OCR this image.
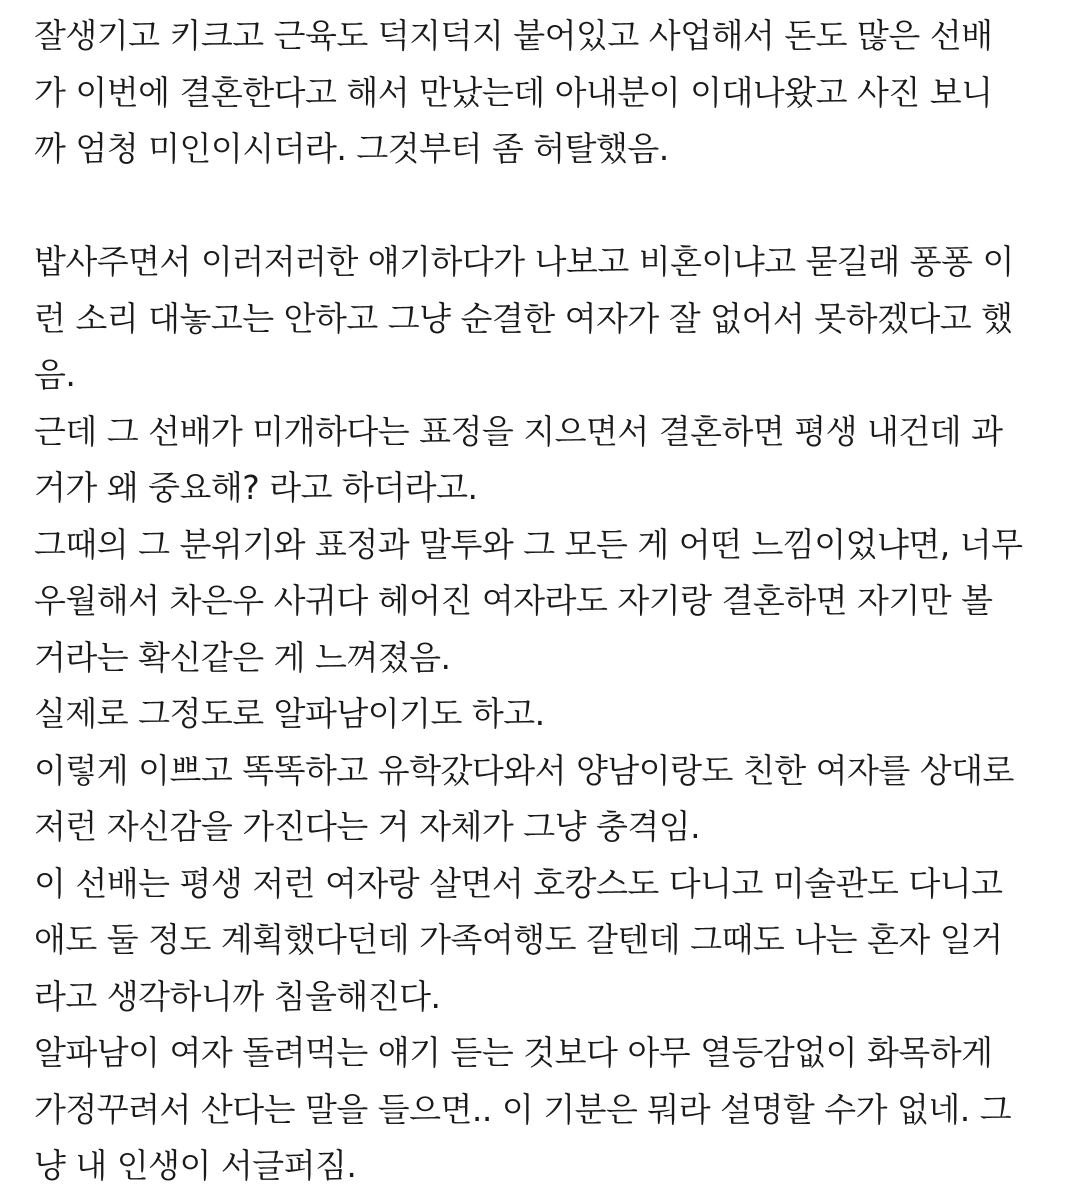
잘생기고 키크고 근육도 덕지덕지 붙어있고 사업해서 돈도 많은 선배
가 이번에 결혼한다고 해서 만났는데 아내분이 이대나왔고 사진 보니
까 엄청 미인이시더라. 그것부터 좀 허탈했음.

밥사주면서 이러저러한 얘기하다가 나보고 비혼이냐고 묻길래 퐁퐁 이
런 소리 대놓고는 안하고 그냥 순결한 여자가 잘 없어서 못하겠다고 했
음.

근데 그 선배가 미개하다는 표정을 지으면서 결혼하면 평생 내건데 과
거가 왜 중요해? 라고 하더라고.

그때의 그 분위기와 표정과 말투와 그 모든 게 어떤 느낌이었냐면, 너무
우월해서 차은우 사귀다 헤어진 여자라도 자기랑 결혼하면 자기만 볼
거라는 확신같은 게 느껴졌음.

실제로 그정도로 알파남이기도 하고.

이렇게 이쁘고 똑똑하고 유학갔다와서 양남이랑도 친한 여자를 상대로
저런 자신감을 가진다는 거 자체가 그냥 충격임.

이 선배는 평생 저런 여자랑 살면서 호캉스도 다니고 미술관도 다니고
애도 둘 정도 계획했다던데 가족여행도 갈텐데 그때도 나는 혼자 일거
라고 생각하니까 침울해진다.

알파남이 여자 돌려먹는 얘기 듣는 것보다 아무 열등감없이 화목하게
가정꾸려서 산다는 말을 들으면.. 이 기분은 뭐라 설명할 수가 없네. 그
냥 내 인생이 서글퍼짐.
